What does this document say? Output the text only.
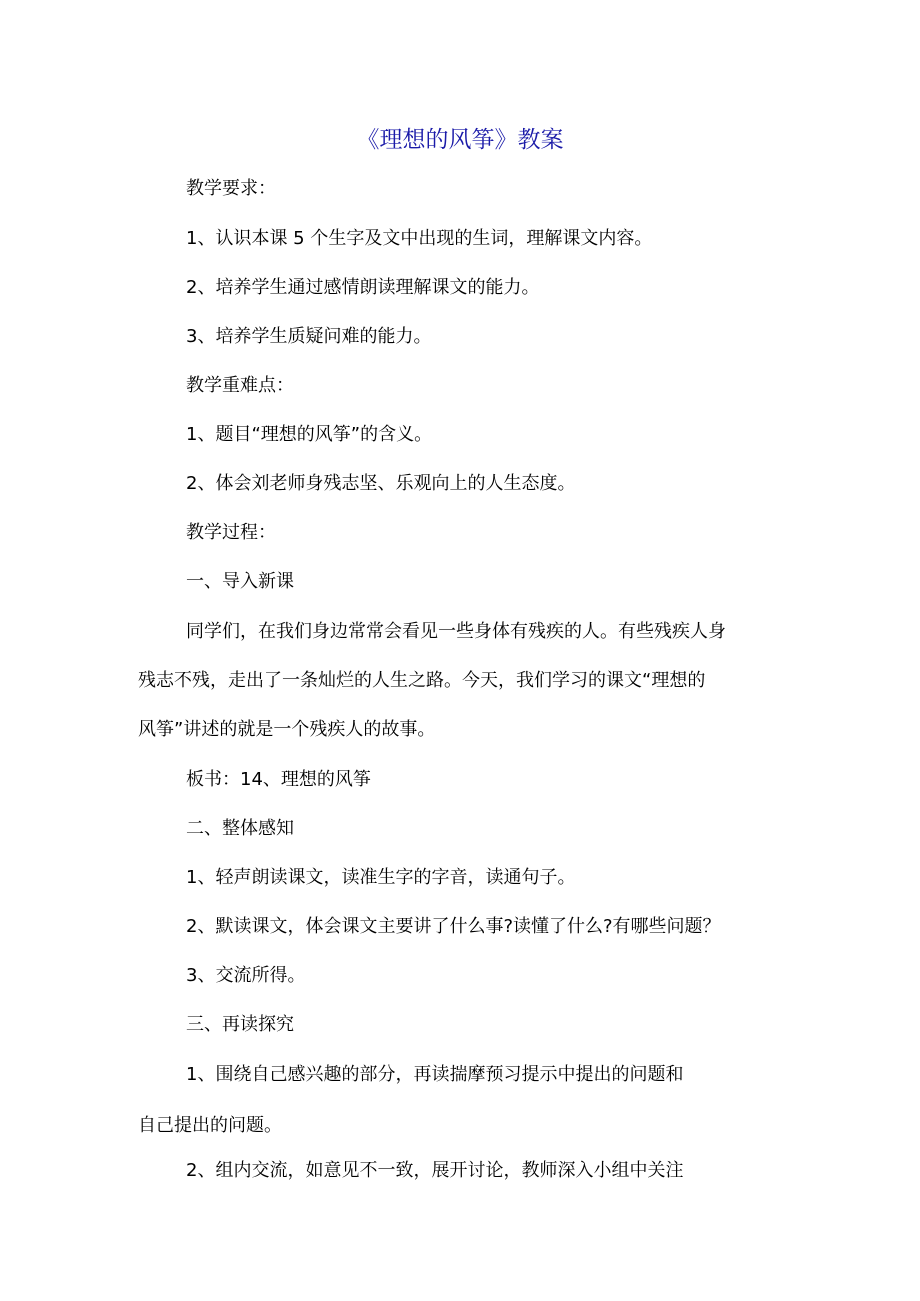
《理想的风筝》教案
教学要求：
1、认识本课 5 个生字及文中出现的生词，理解课文内容。
2、培养学生通过感情朗读理解课文的能力。
3、培养学生质疑问难的能力。
教学重难点：
1、题目“理想的风筝”的含义。
2、体会刘老师身残志坚、乐观向上的人生态度。
教学过程：
一、导入新课
同学们，在我们身边常常会看见一些身体有残疾的人。有些残疾人身
残志不残，走出了一条灿烂的人生之路。今天，我们学习的课文“理想的
风筝”讲述的就是一个残疾人的故事。
板书：14、理想的风筝
二、整体感知
1、轻声朗读课文，读准生字的字音，读通句子。
2、默读课文，体会课文主要讲了什么事?读懂了什么?有哪些问题？
3、交流所得。
三、再读探究
1、围绕自己感兴趣的部分，再读揣摩预习提示中提出的问题和
自己提出的问题。
2、组内交流，如意见不一致，展开讨论，教师深入小组中关注
